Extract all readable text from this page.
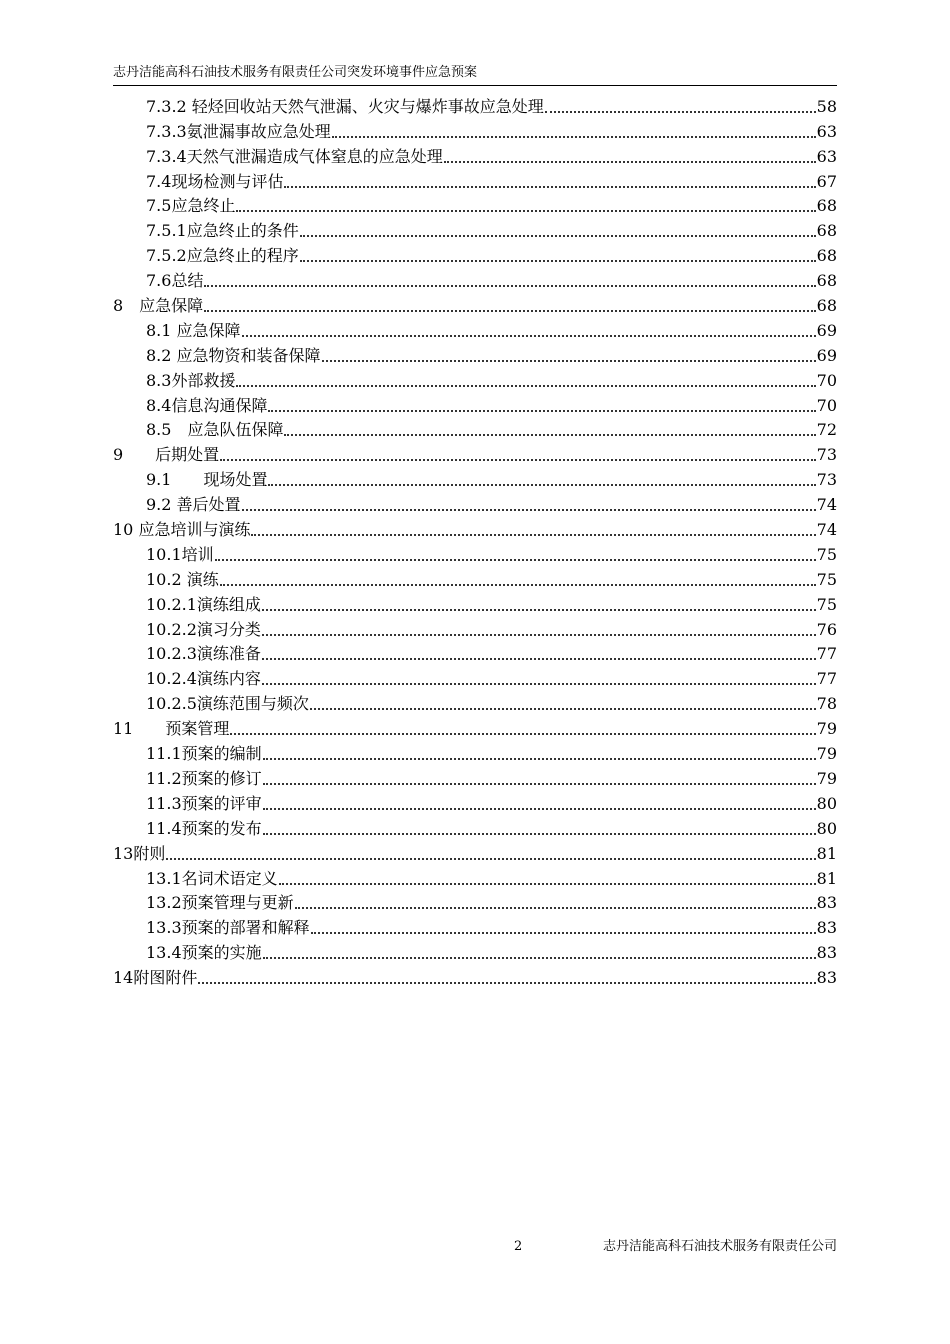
志丹洁能高科石油技术服务有限责任公司突发环境事件应急预案
7.3.2 轻烃回收站天然气泄漏、火灾与爆炸事故应急处理	58
7.3.3氨泄漏事故应急处理	63
7.3.4天然气泄漏造成气体窒息的应急处理	63
7.4现场检测与评估	67
7.5应急终止	68
7.5.1应急终止的条件	68
7.5.2应急终止的程序	68
7.6总结	68
8　应急保障	68
8.1 应急保障	69
8.2 应急物资和装备保障	69
8.3外部救援	70
8.4信息沟通保障	70
8.5　应急队伍保障	72
9　　后期处置	73
9.1　　现场处置	73
9.2 善后处置	74
10 应急培训与演练	74
10.1培训	75
10.2 演练	75
10.2.1演练组成	75
10.2.2演习分类	76
10.2.3演练准备	77
10.2.4演练内容	77
10.2.5演练范围与频次	78
11　　预案管理	79
11.1预案的编制	79
11.2预案的修订	79
11.3预案的评审	80
11.4预案的发布	80
13附则	81
13.1名词术语定义	81
13.2预案管理与更新	83
13.3预案的部署和解释	83
13.4预案的实施	83
14附图附件	83
2	志丹洁能高科石油技术服务有限责任公司
